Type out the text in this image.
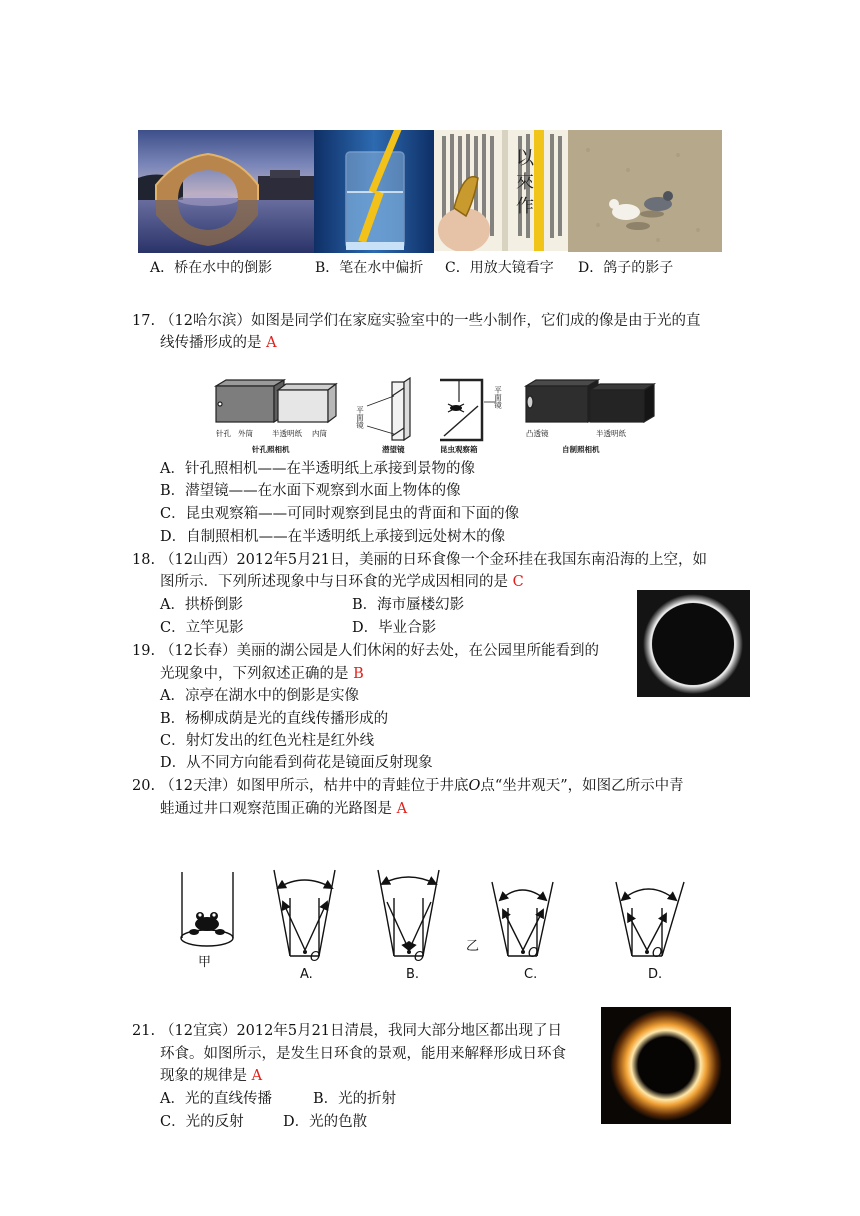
以
來
作
A．桥在水中的倒影	B．笔在水中偏折 C．用放大镜看字 D．鸽子的影子
17. （12哈尔滨）如图是同学们在家庭实验室中的一些小制作，它们成的像是由于光的直
线传播形成的是 A
针孔 外筒	半透明纸 内筒
针孔照相机
平面镜
潜望镜
平面镜
昆虫观察箱
凸透镜	半透明纸
自制照相机
A．针孔照相机——在半透明纸上承接到景物的像
B．潜望镜——在水面下观察到水面上物体的像
C．昆虫观察箱——可同时观察到昆虫的背面和下面的像
D．自制照相机——在半透明纸上承接到远处树木的像
18. （12山西）2012年5月21日，美丽的日环食像一个金环挂在我国东南沿海的上空，如
图所示．下列所述现象中与日环食的光学成因相同的是 C
A．拱桥倒影	B．海市蜃楼幻影
C．立竿见影	D．毕业合影
19. （12长春）美丽的湖公园是人们休闲的好去处，在公园里所能看到的
光现象中，下列叙述正确的是 B
A．凉亭在湖水中的倒影是实像
B．杨柳成荫是光的直线传播形成的
C．射灯发出的红色光柱是红外线
D．从不同方向能看到荷花是镜面反射现象
20. （12天津）如图甲所示，枯井中的青蛙位于井底O点“坐井观天”，如图乙所示中青
蛙通过井口观察范围正确的光路图是 A
O	O	O	O
甲
乙
A.	B.	C.	D.
21. （12宜宾）2012年5月21日清晨，我同大部分地区都出现了日
环食。如图所示，是发生日环食的景观，能用来解释形成日环食
现象的规律是 A
A．光的直线传播	B．光的折射
C．光的反射	D．光的色散
